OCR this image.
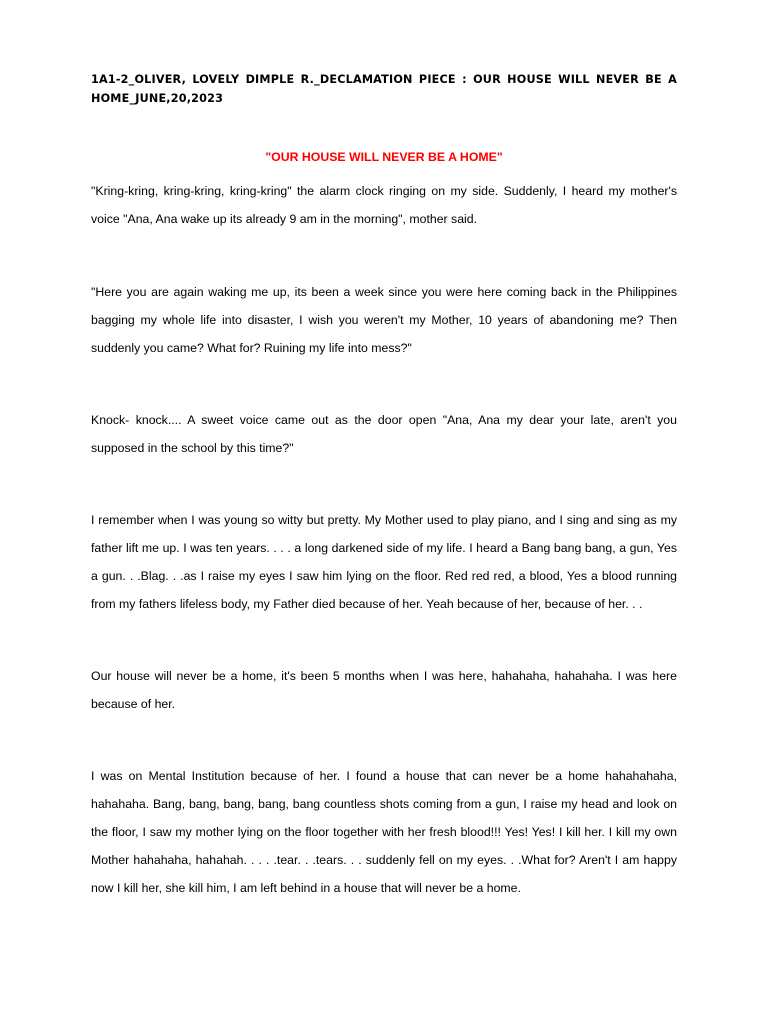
1A1-2_OLIVER, LOVELY DIMPLE R._DECLAMATION PIECE : OUR HOUSE WILL NEVER BE A HOME_JUNE,20,2023

"OUR HOUSE WILL NEVER BE A HOME"

"Kring-kring, kring-kring, kring-kring" the alarm clock ringing on my side. Suddenly, I heard my mother's voice "Ana, Ana wake up its already 9 am in the morning", mother said.

"Here you are again waking me up, its been a week since you were here coming back in the Philippines bagging my whole life into disaster, I wish you weren't my Mother, 10 years of abandoning me? Then suddenly you came? What for? Ruining my life into mess?"

Knock- knock.... A sweet voice came out as the door open "Ana, Ana my dear your late, aren't you supposed in the school by this time?"

I remember when I was young so witty but pretty. My Mother used to play piano, and I sing and sing as my father lift me up. I was ten years. . . . a long darkened side of my life. I heard a Bang bang bang, a gun, Yes a gun. . .Blag. . .as I raise my eyes I saw him lying on the floor. Red red red, a blood, Yes a blood running from my fathers lifeless body, my Father died because of her. Yeah because of her, because of her. . .

Our house will never be a home, it's been 5 months when I was here, hahahaha, hahahaha. I was here because of her.

I was on Mental Institution because of her. I found a house that can never be a home hahahahaha, hahahaha. Bang, bang, bang, bang, bang countless shots coming from a gun, I raise my head and look on the floor, I saw my mother lying on the floor together with her fresh blood!!! Yes! Yes! I kill her. I kill my own Mother hahahaha, hahahah. . . . .tear. . .tears. . . suddenly fell on my eyes. . .What for? Aren't I am happy now I kill her, she kill him, I am left behind in a house that will never be a home.
